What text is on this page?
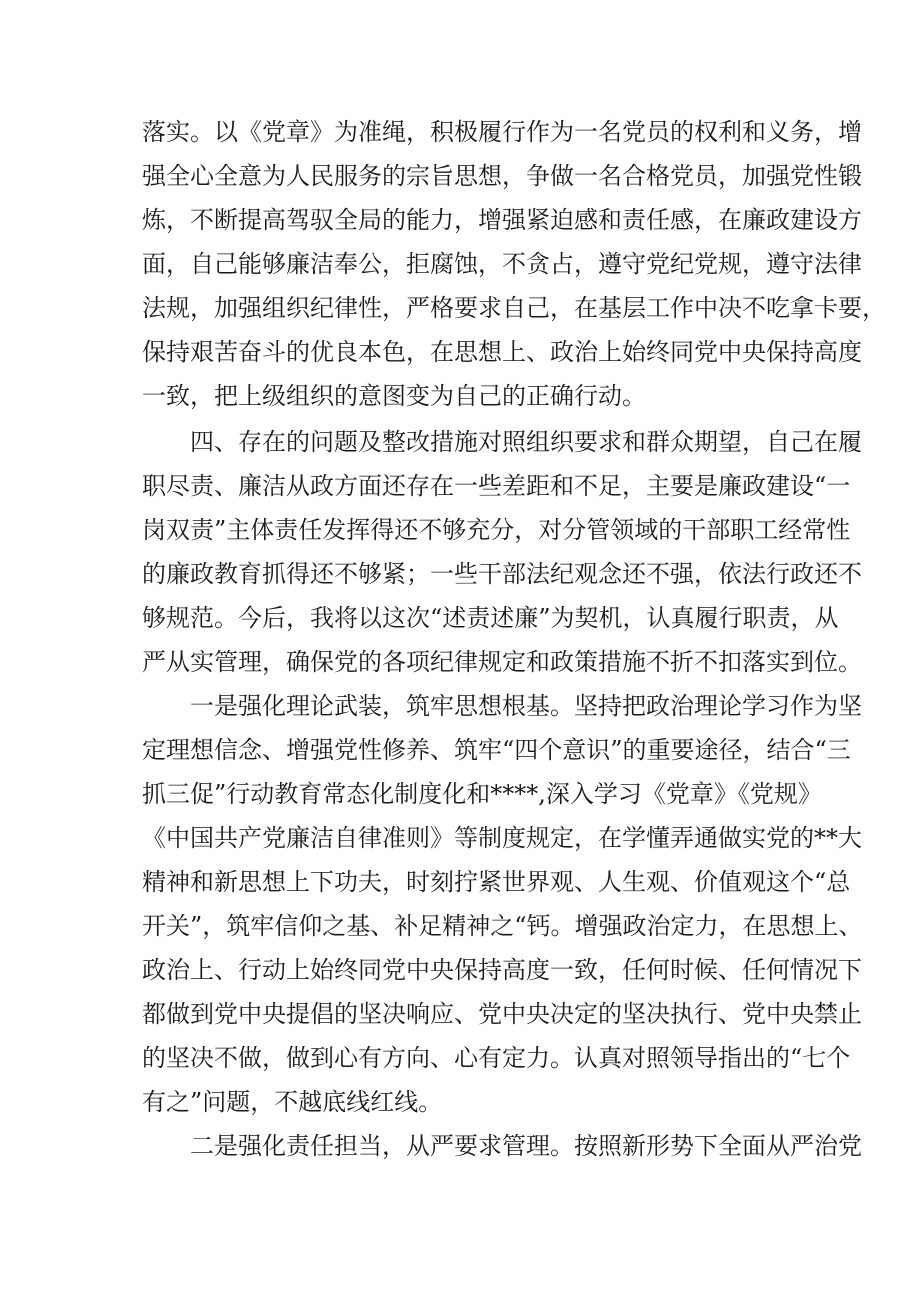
落实。以《党章》为准绳，积极履行作为一名党员的权利和义务，增

强全心全意为人民服务的宗旨思想，争做一名合格党员，加强党性锻

炼，不断提高驾驭全局的能力，增强紧迫感和责任感，在廉政建设方

面，自己能够廉洁奉公，拒腐蚀，不贪占，遵守党纪党规，遵守法律

法规，加强组织纪律性，严格要求自己，在基层工作中决不吃拿卡要，

保持艰苦奋斗的优良本色，在思想上、政治上始终同党中央保持高度

一致，把上级组织的意图变为自己的正确行动。

四、存在的问题及整改措施对照组织要求和群众期望，自己在履

职尽责、廉洁从政方面还存在一些差距和不足，主要是廉政建设“一

岗双责”主体责任发挥得还不够充分，对分管领域的干部职工经常性

的廉政教育抓得还不够紧；一些干部法纪观念还不强，依法行政还不

够规范。今后，我将以这次“述责述廉”为契机，认真履行职责，从

严从实管理，确保党的各项纪律规定和政策措施不折不扣落实到位。

一是强化理论武装，筑牢思想根基。坚持把政治理论学习作为坚

定理想信念、增强党性修养、筑牢“四个意识”的重要途径，结合“三

抓三促”行动教育常态化制度化和****,深入学习《党章》《党规》

《中国共产党廉洁自律准则》等制度规定，在学懂弄通做实党的**大

精神和新思想上下功夫，时刻拧紧世界观、人生观、价值观这个“总

开关”，筑牢信仰之基、补足精神之“钙。增强政治定力，在思想上、

政治上、行动上始终同党中央保持高度一致，任何时候、任何情况下

都做到党中央提倡的坚决响应、党中央决定的坚决执行、党中央禁止

的坚决不做，做到心有方向、心有定力。认真对照领导指出的“七个

有之”问题，不越底线红线。

二是强化责任担当，从严要求管理。按照新形势下全面从严治党
